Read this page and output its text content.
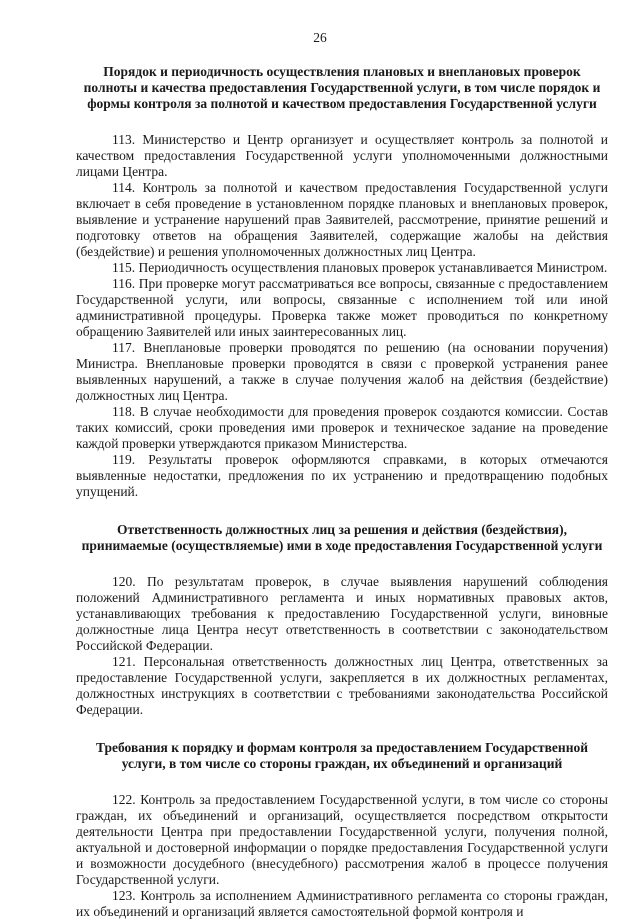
26

Порядок и периодичность осуществления плановых и внеплановых проверок полноты и качества предоставления Государственной услуги, в том числе порядок и формы контроля за полнотой и качеством предоставления Государственной услуги

113. Министерство и Центр организует и осуществляет контроль за полнотой и качеством предоставления Государственной услуги уполномоченными должностными лицами Центра.

114. Контроль за полнотой и качеством предоставления Государственной услуги включает в себя проведение в установленном порядке плановых и внеплановых проверок, выявление и устранение нарушений прав Заявителей, рассмотрение, принятие решений и подготовку ответов на обращения Заявителей, содержащие жалобы на действия (бездействие) и решения уполномоченных должностных лиц Центра.

115. Периодичность осуществления плановых проверок устанавливается Министром.

116. При проверке могут рассматриваться все вопросы, связанные с предоставлением Государственной услуги, или вопросы, связанные с исполнением той или иной административной процедуры. Проверка также может проводиться по конкретному обращению Заявителей или иных заинтересованных лиц.

117. Внеплановые проверки проводятся по решению (на основании поручения) Министра. Внеплановые проверки проводятся в связи с проверкой устранения ранее выявленных нарушений, а также в случае получения жалоб на действия (бездействие) должностных лиц Центра.

118. В случае необходимости для проведения проверок создаются комиссии. Состав таких комиссий, сроки проведения ими проверок и техническое задание на проведение каждой проверки утверждаются приказом Министерства.

119. Результаты проверок оформляются справками, в которых отмечаются выявленные недостатки, предложения по их устранению и предотвращению подобных упущений.

Ответственность должностных лиц за решения и действия (бездействия), принимаемые (осуществляемые) ими в ходе предоставления Государственной услуги

120. По результатам проверок, в случае выявления нарушений соблюдения положений Административного регламента и иных нормативных правовых актов, устанавливающих требования к предоставлению Государственной услуги, виновные должностные лица Центра несут ответственность в соответствии с законодательством Российской Федерации.

121. Персональная ответственность должностных лиц Центра, ответственных за предоставление Государственной услуги, закрепляется в их должностных регламентах, должностных инструкциях в соответствии с требованиями законодательства Российской Федерации.

Требования к порядку и формам контроля за предоставлением Государственной услуги, в том числе со стороны граждан, их объединений и организаций

122. Контроль за предоставлением Государственной услуги, в том числе со стороны граждан, их объединений и организаций, осуществляется посредством открытости деятельности Центра при предоставлении Государственной услуги, получения полной, актуальной и достоверной информации о порядке предоставления Государственной услуги и возможности досудебного (внесудебного) рассмотрения жалоб в процессе получения Государственной услуги.

123. Контроль за исполнением Административного регламента со стороны граждан, их объединений и организаций является самостоятельной формой контроля и
